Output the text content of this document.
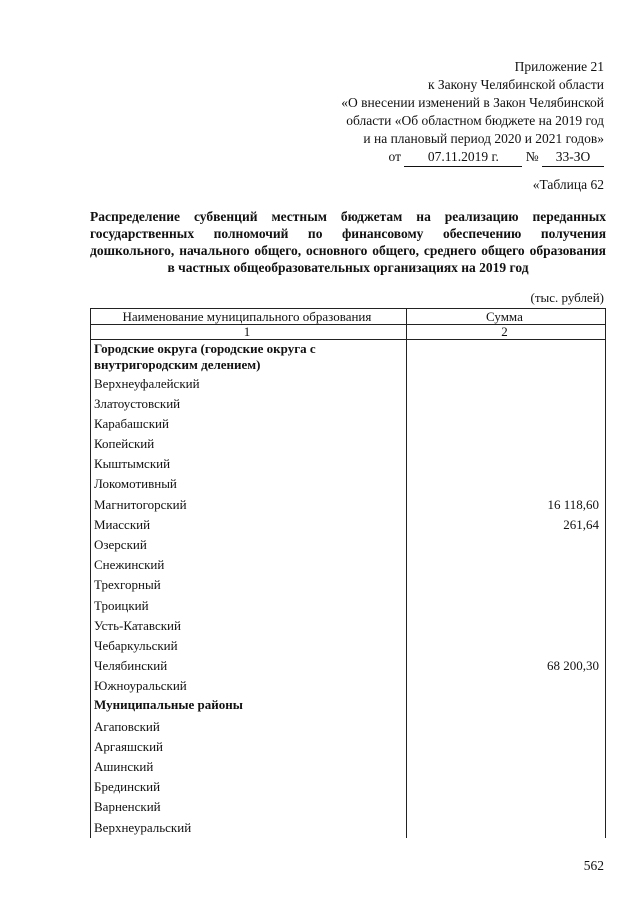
Приложение 21
к Закону Челябинской области
«О внесении изменений в Закон Челябинской
области «Об областном бюджете на 2019 год
и на плановый период 2020 и 2021 годов»
от 07.11.2019 г. № 33-ЗО
«Таблица 62
Распределение субвенций местным бюджетам на реализацию переданных государственных полномочий по финансовому обеспечению получения дошкольного, начального общего, основного общего, среднего общего образования в частных общеобразовательных организациях на 2019 год
(тыс. рублей)
Наименование муниципального образования	Сумма
1	2
Городские округа (городские округа с внутригородским делением)	
Верхнеуфалейский	
Златоустовский	
Карабашский	
Копейский	
Кыштымский	
Локомотивный	
Магнитогорский	16 118,60
Миасский	261,64
Озерский	
Снежинский	
Трехгорный	
Троицкий	
Усть-Катавский	
Чебаркульский	
Челябинский	68 200,30
Южноуральский	
Муниципальные районы	
Агаповский	
Аргаяшский	
Ашинский	
Брединский	
Варненский	
Верхнеуральский	
562
